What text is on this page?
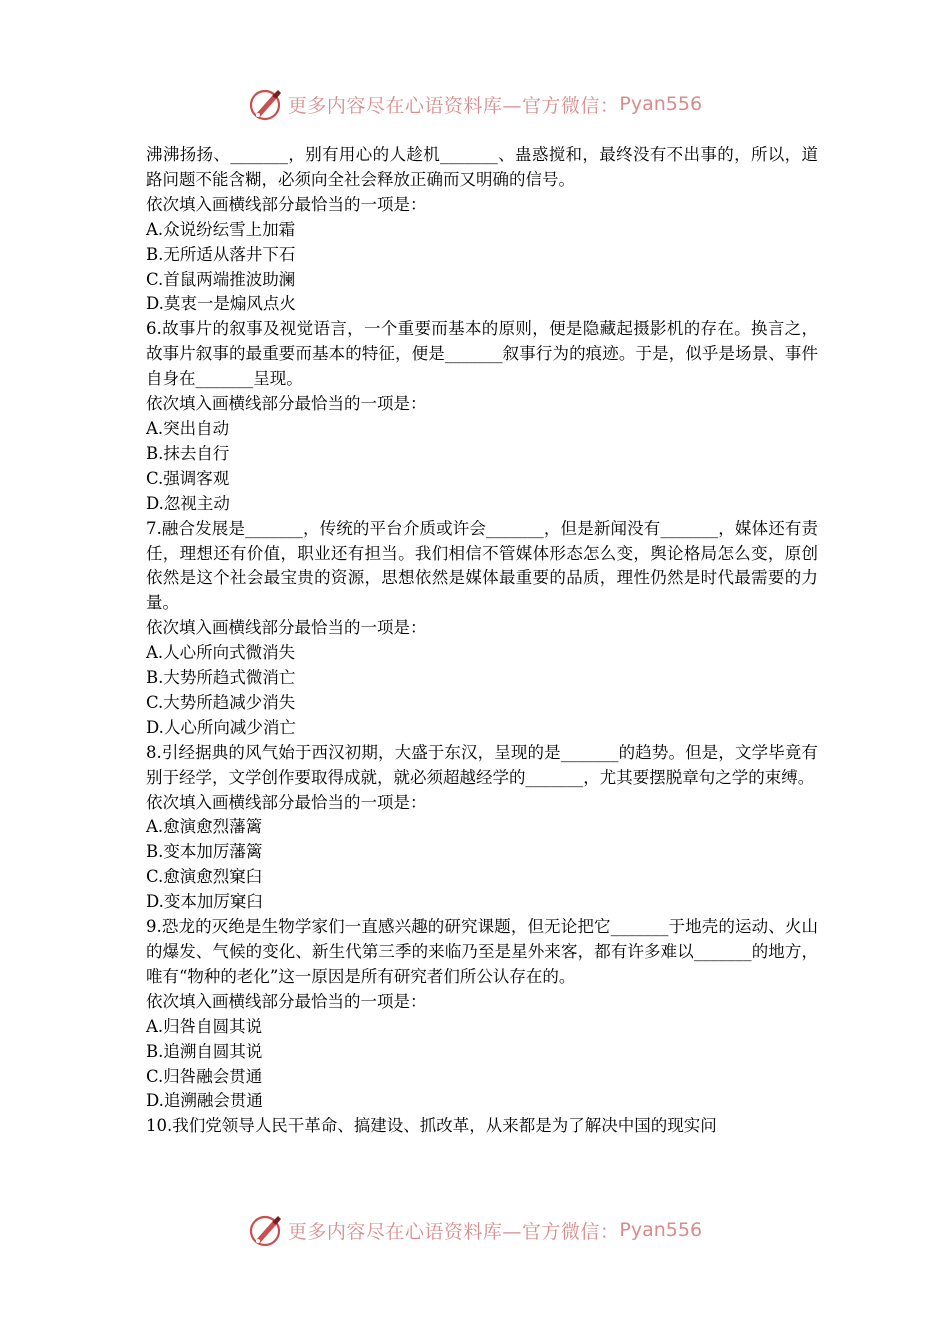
更多内容尽在心语资料库—官方微信： Pyan556

沸沸扬扬、_______，别有用心的人趁机_______、蛊惑搅和，最终没有不出事的，所以，道路问题不能含糊，必须向全社会释放正确而又明确的信号。

依次填入画横线部分最恰当的一项是：

A.众说纷纭雪上加霜

B.无所适从落井下石

C.首鼠两端推波助澜

D.莫衷一是煽风点火

6.故事片的叙事及视觉语言，一个重要而基本的原则，便是隐藏起摄影机的存在。换言之，故事片叙事的最重要而基本的特征，便是_______叙事行为的痕迹。于是，似乎是场景、事件自身在_______呈现。

依次填入画横线部分最恰当的一项是：

A.突出自动

B.抹去自行

C.强调客观

D.忽视主动

7.融合发展是_______，传统的平台介质或许会_______，但是新闻没有_______，媒体还有责任，理想还有价值，职业还有担当。我们相信不管媒体形态怎么变，舆论格局怎么变，原创依然是这个社会最宝贵的资源，思想依然是媒体最重要的品质，理性仍然是时代最需要的力量。

依次填入画横线部分最恰当的一项是：

A.人心所向式微消失

B.大势所趋式微消亡

C.大势所趋减少消失

D.人心所向减少消亡

8.引经据典的风气始于西汉初期，大盛于东汉，呈现的是_______的趋势。但是，文学毕竟有别于经学，文学创作要取得成就，就必须超越经学的_______，尤其要摆脱章句之学的束缚。

依次填入画横线部分最恰当的一项是：

A.愈演愈烈藩篱

B.变本加厉藩篱

C.愈演愈烈窠臼

D.变本加厉窠臼

9.恐龙的灭绝是生物学家们一直感兴趣的研究课题，但无论把它_______于地壳的运动、火山的爆发、气候的变化、新生代第三季的来临乃至是星外来客，都有许多难以_______的地方，唯有“物种的老化”这一原因是所有研究者们所公认存在的。

依次填入画横线部分最恰当的一项是：

A.归咎自圆其说

B.追溯自圆其说

C.归咎融会贯通

D.追溯融会贯通

10.我们党领导人民干革命、搞建设、抓改革，从来都是为了解决中国的现实问

更多内容尽在心语资料库—官方微信： Pyan556
